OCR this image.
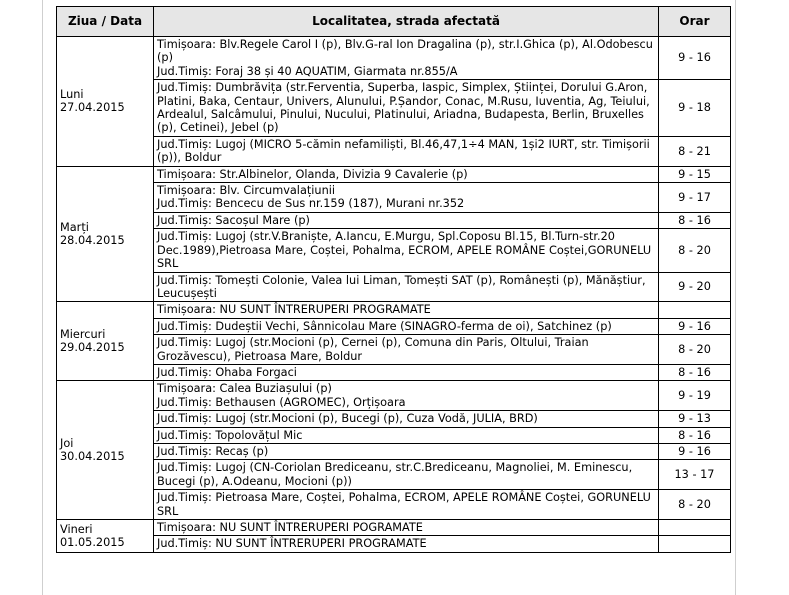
Ziua / Data	Localitatea, strada afectată	Orar

Luni
27.04.2015	Timișoara: Blv.Regele Carol I (p), Blv.G-ral Ion Dragalina (p), str.I.Ghica (p), Al.Odobescu (p)
Jud.Timiș: Foraj 38 și 40 AQUATIM, Giarmata nr.855/A	9 - 16

	Jud.Timiș: Dumbrăvița (str.Ferventia, Superba, Iaspic, Simplex, Științei, Dorului G.Aron, Platini, Baka, Centaur, Univers, Alunului, P.Șandor, Conac, M.Rusu, Iuventia, Ag, Teiului, Ardealul, Salcâmului, Pinului, Nucului, Platinului, Ariadna, Budapesta, Berlin, Bruxelles (p), Cetinei), Jebel (p)	9 - 18

	Jud.Timiș: Lugoj (MICRO 5-cămin nefamiliști, Bl.46,47,1÷4 MAN, 1și2 IURT, str. Timișorii (p)), Boldur	8 - 21

Marți
28.04.2015	Timișoara: Str.Albinelor, Olanda, Divizia 9 Cavalerie (p)	9 - 15

	Timișoara: Blv. Circumvalațiunii
Jud.Timiș: Bencecu de Sus nr.159 (187), Murani nr.352	9 - 17

	Jud.Timiș: Sacoșul Mare (p)	8 - 16

	Jud.Timiș: Lugoj (str.V.Braniște, A.Iancu, E.Murgu, Spl.Coposu Bl.15, Bl.Turn-str.20 Dec.1989),Pietroasa Mare, Coștei, Pohalma, ECROM, APELE ROMÂNE Coștei,GORUNELU SRL	8 - 20

	Jud.Timiș: Tomești Colonie, Valea lui Liman, Tomești SAT (p), Românești (p), Mănăștiur, Leucușești	9 - 20

Miercuri
29.04.2015	Timișoara: NU SUNT ÎNTRERUPERI PROGRAMATE	

	Jud.Timiș: Dudeștii Vechi, Sânnicolau Mare (SINAGRO-ferma de oi), Satchinez (p)	9 - 16

	Jud.Timiș: Lugoj (str.Mocioni (p), Cernei (p), Comuna din Paris, Oltului, Traian Grozăvescu), Pietroasa Mare, Boldur	8 - 20

	Jud.Timiș: Ohaba Forgaci	8 - 16

Joi
30.04.2015	Timișoara: Calea Buziașului (p)
Jud.Timiș: Bethausen (AGROMEC), Orțișoara	9 - 19

	Jud.Timiș: Lugoj (str.Mocioni (p), Bucegi (p), Cuza Vodă, JULIA, BRD)	9 - 13

	Jud.Timiș: Topolovățul Mic	8 - 16

	Jud.Timiș: Recaș (p)	9 - 16

	Jud.Timiș: Lugoj (CN-Coriolan Brediceanu, str.C.Brediceanu, Magnoliei, M. Eminescu, Bucegi (p), A.Odeanu, Mocioni (p))	13 - 17

	Jud.Timiș: Pietroasa Mare, Coștei, Pohalma, ECROM, APELE ROMÂNE Coștei, GORUNELU SRL	8 - 20

Vineri
01.05.2015	Timișoara: NU SUNT ÎNTRERUPERI POGRAMATE	

	Jud.Timiș: NU SUNT ÎNTRERUPERI PROGRAMATE	
